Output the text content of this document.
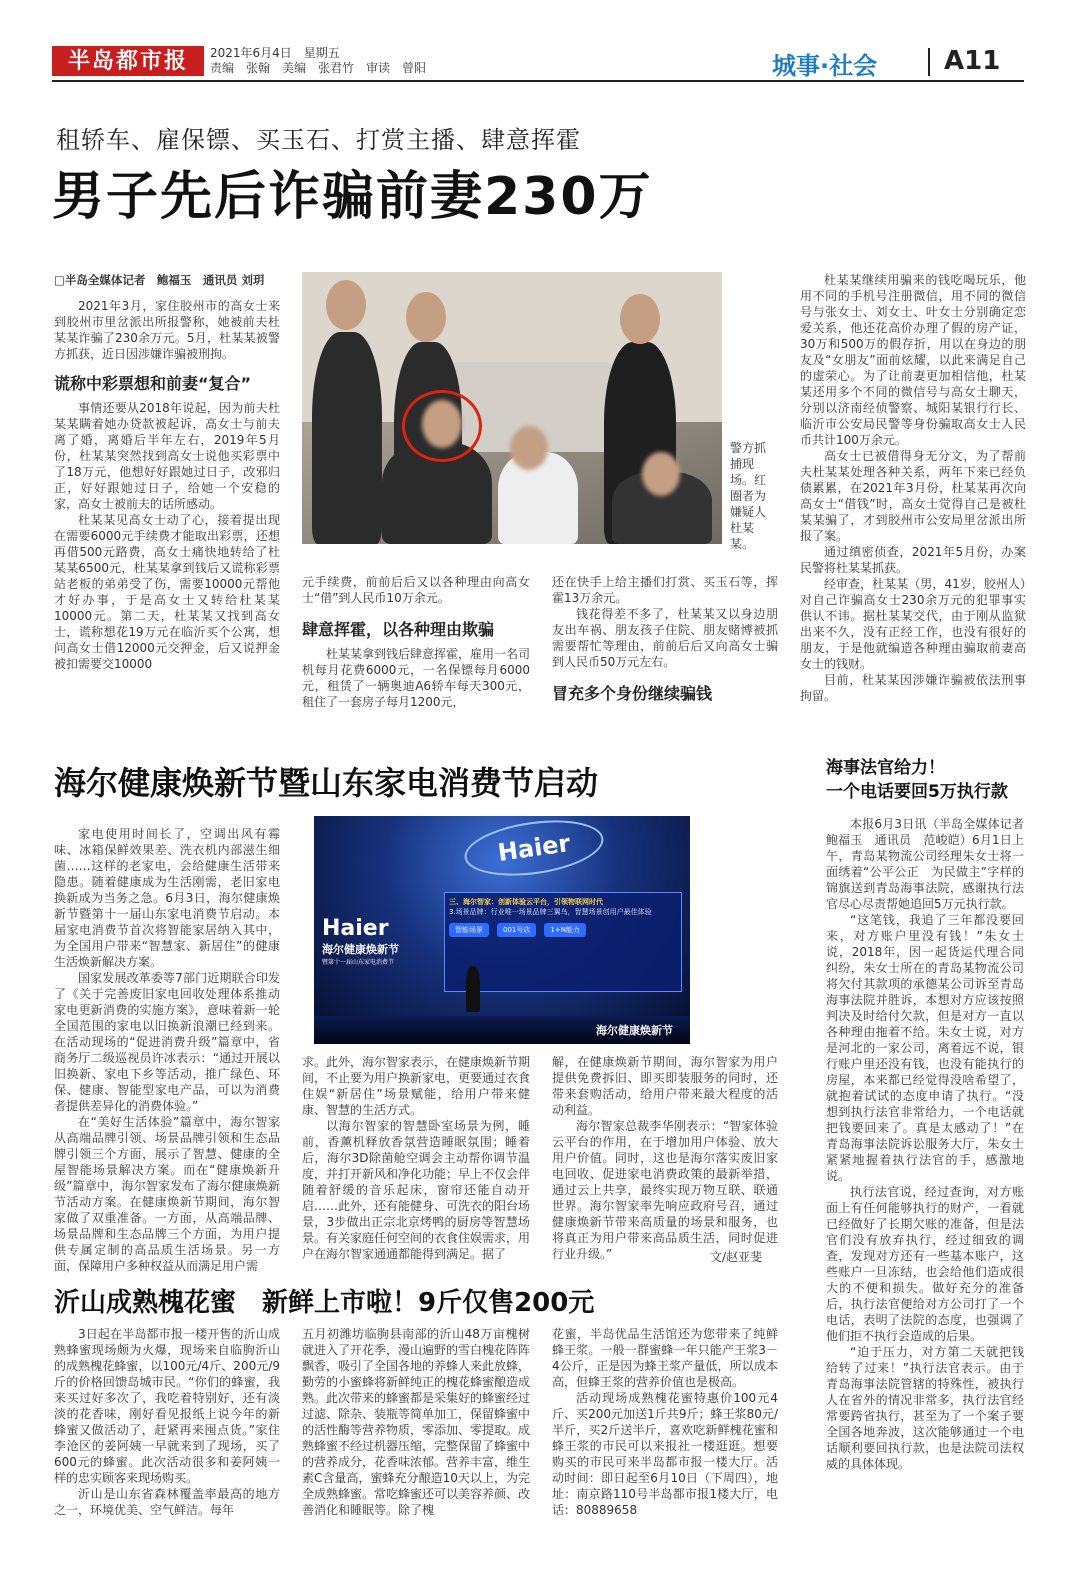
半岛都市报	2021年6月4日　星期五
责编　张翰　美编　张君竹　审读　曾阳	城事·社会	A11
租轿车、雇保镖、买玉石、打赏主播、肆意挥霍
男子先后诈骗前妻230万
□半岛全媒体记者　鲍福玉　通讯员 刘玥

2021年3月，家住胶州市的高女士来到胶州市里岔派出所报警称，她被前夫杜某某诈骗了230余万元。5月，杜某某被警方抓获，近日因涉嫌诈骗被刑拘。

谎称中彩票想和前妻“复合”

事情还要从2018年说起，因为前夫杜某某瞒着她办贷款被起诉，高女士与前夫离了婚，离婚后半年左右，2019年5月份，杜某某突然找到高女士说他买彩票中了18万元，他想好好跟她过日子，改邪归正，好好跟她过日子，给她一个安稳的家，高女士被前夫的话所感动。

杜某某见高女士动了心，接着提出现在需要6000元手续费才能取出彩票，还想再借500元路费，高女士痛快地转给了杜某某6500元，杜某某拿到钱后又谎称彩票站老板的弟弟受了伤，需要10000元帮他才好办事，于是高女士又转给杜某某10000元。第二天，杜某某又找到高女士，谎称想花19万元在临沂买个公寓，想问高女士借12000元交押金，后又说押金被扣需要交10000

警方抓捕现场。红圈者为嫌疑人杜某某。

元手续费，前前后后又以各种理由向高女士“借”到人民币10万余元。

肆意挥霍，以各种理由欺骗

杜某某拿到钱后肆意挥霍，雇用一名司机每月花费6000元，一名保镖每月6000元，租赁了一辆奥迪A6轿车每天300元，租住了一套房子每月1200元，

还在快手上给主播们打赏、买玉石等，挥霍13万余元。

钱花得差不多了，杜某某又以身边朋友出车祸、朋友孩子住院、朋友赌博被抓需要帮忙等理由，前前后后又向高女士骗到人民币50万元左右。

冒充多个身份继续骗钱

杜某某继续用骗来的钱吃喝玩乐，他用不同的手机号注册微信，用不同的微信号与张女士、刘女士、叶女士分别确定恋爱关系，他还花高价办理了假的房产证，30万和500万的假存折，用以在身边的朋友及“女朋友”面前炫耀，以此来满足自己的虚荣心。为了让前妻更加相信他，杜某某还用多个不同的微信号与高女士聊天，分别以济南经侦警察、城阳某银行行长、临沂市公安局民警等身份骗取高女士人民币共计100万余元。

高女士已被借得身无分文，为了帮前夫杜某某处理各种关系，两年下来已经负债累累，在2021年3月份，杜某某再次向高女士“借钱”时，高女士觉得自己是被杜某某骗了，才到胶州市公安局里岔派出所报了案。

通过缜密侦查，2021年5月份，办案民警将杜某某抓获。

经审查，杜某某（男，41岁，胶州人）对自己诈骗高女士230余万元的犯罪事实供认不讳。据杜某某交代，由于刚从监狱出来不久，没有正经工作，也没有很好的朋友，于是他就编造各种理由骗取前妻高女士的钱财。

目前，杜某某因涉嫌诈骗被依法刑事拘留。

海尔健康焕新节暨山东家电消费节启动

家电使用时间长了，空调出风有霉味、冰箱保鲜效果差、洗衣机内部滋生细菌……这样的老家电，会给健康生活带来隐患。随着健康成为生活刚需，老旧家电换新成为当务之急。6月3日，海尔健康焕新节暨第十一届山东家电消费节启动。本届家电消费节首次将智能家居纳入其中，为全国用户带来“智慧家、新居住”的健康生活焕新解决方案。

国家发展改革委等7部门近期联合印发了《关于完善废旧家电回收处理体系推动家电更新消费的实施方案》，意味着新一轮全国范围的家电以旧换新浪潮已经到来。在活动现场的“促进消费升级”篇章中，省商务厅二级巡视员许冰表示：“通过开展以旧换新、家电下乡等活动，推广绿色、环保、健康、智能型家电产品，可以为消费者提供差异化的消费体验。”

在“美好生活体验”篇章中，海尔智家从高端品牌引领、场景品牌引领和生态品牌引领三个方面，展示了智慧、健康的全屋智能场景解决方案。而在“健康焕新升级”篇章中，海尔智家发布了海尔健康焕新节活动方案。在健康焕新节期间，海尔智家做了双重准备。一方面，从高端品牌、场景品牌和生态品牌三个方面，为用户提供专属定制的高品质生活场景。另一方面，保障用户多种权益从而满足用户需

Haier
三、海尔智家：创新体验云平台，引领物联网时代
3.场景品牌：行业唯一场景品牌三翼鸟，智慧场景创用户最佳体验
智能场景	001号店	1+N能力
Haier
海尔健康焕新节
暨第十一届山东家电消费节
海尔健康焕新节

求。此外，海尔智家表示，在健康焕新节期间，不止要为用户换新家电，更要通过衣食住娱“新居住”场景赋能，给用户带来健康、智慧的生活方式。

以海尔智家的智慧卧室场景为例，睡前，香薰机释放香氛营造睡眠氛围；睡着后，海尔3D除菌舱空调会主动帮你调节温度，并打开新风和净化功能；早上不仅会伴随着舒缓的音乐起床，窗帘还能自动开启……此外，还有能健身、可洗衣的阳台场景，3步做出正宗北京烤鸭的厨房等智慧场景。有关家庭任何空间的衣食住娱需求，用户在海尔智家通通都能得到满足。据了

解，在健康焕新节期间，海尔智家为用户提供免费拆旧、即买即装服务的同时，还带来套购活动，给用户带来最大程度的活动利益。

海尔智家总裁李华刚表示：“智家体验云平台的作用，在于增加用户体验、放大用户价值。同时，这也是海尔落实废旧家电回收、促进家电消费政策的最新举措，通过云上共享，最终实现万物互联、联通世界。海尔智家率先响应政府号召，通过健康焕新节带来高质量的场景和服务，也将真正为用户带来高品质生活，同时促进行业升级。”	文/赵亚斐
沂山成熟槐花蜜　新鲜上市啦！9斤仅售200元

3日起在半岛都市报一楼开售的沂山成熟蜂蜜现场颇为火爆，现场来自临朐沂山的成熟槐花蜂蜜，以100元/4斤、200元/9斤的价格回馈岛城市民。“你们的蜂蜜，我来买过好多次了，我吃着特别好，还有淡淡的花香味，刚好看见报纸上说今年的新蜂蜜又做活动了，赶紧再来囤点货。”家住李沧区的姜阿姨一早就来到了现场，买了600元的蜂蜜。此次活动很多和姜阿姨一样的忠实顾客来现场购买。

沂山是山东省森林覆盖率最高的地方之一，环境优美、空气鲜洁。每年

五月初潍坊临朐县南部的沂山48万亩槐树就进入了开花季，漫山遍野的雪白槐花阵阵飘香，吸引了全国各地的养蜂人来此放蜂，勤劳的小蜜蜂将新鲜纯正的槐花蜂蜜酿造成熟。此次带来的蜂蜜都是采集好的蜂蜜经过过滤、除杂、装瓶等简单加工，保留蜂蜜中的活性酶等营养物质，零添加、零提取。成熟蜂蜜不经过机器压缩，完整保留了蜂蜜中的营养成分，花香味浓郁。营养丰富，维生素C含量高，蜜蜂充分酿造10天以上，为完全成熟蜂蜜。常吃蜂蜜还可以美容养颜、改善消化和睡眠等。除了槐

花蜜，半岛优品生活馆还为您带来了纯鲜蜂王浆。一般一群蜜蜂一年只能产王浆3－4公斤，正是因为蜂王浆产量低，所以成本高，但蜂王浆的营养价值也是极高。

活动现场成熟槐花蜜特惠价100元4斤、买200元加送1斤共9斤；蜂王浆80元/半斤，买2斤送半斤，喜欢吃新鲜槐花蜜和蜂王浆的市民可以来报社一楼逛逛。想要购买的市民可来半岛都市报一楼大厅。活动时间：即日起至6月10日（下周四），地址：南京路110号半岛都市报1楼大厅，电话：80889658

海事法官给力！
一个电话要回5万执行款

本报6月3日讯（半岛全媒体记者　鲍福玉　通讯员　范峻皑）6月1日上午，青岛某物流公司经理朱女士将一面绣着“公平公正　为民做主”字样的锦旗送到青岛海事法院，感谢执行法官尽心尽责帮她追回5万元执行款。

“这笔钱，我追了三年都没要回来，对方账户里没有钱！”朱女士说，2018年，因一起货运代理合同纠纷，朱女士所在的青岛某物流公司将欠付其款项的承德某公司诉至青岛海事法院并胜诉，本想对方应该按照判决及时给付欠款，但是对方一直以各种理由拖着不给。朱女士说，对方是河北的一家公司，离着远不说，银行账户里还没有钱，也没有能执行的房屋，本来都已经觉得没啥希望了，就抱着试试的态度申请了执行。“没想到执行法官非常给力，一个电话就把钱要回来了。真是太感动了！”在青岛海事法院诉讼服务大厅，朱女士紧紧地握着执行法官的手，感激地说。

执行法官说，经过查询，对方账面上有任何能够执行的财产，一看就已经做好了长期欠账的准备，但是法官们没有放弃执行，经过细致的调查，发现对方还有一些基本账户，这些账户一旦冻结，也会给他们造成很大的不便和损失。做好充分的准备后，执行法官便给对方公司打了一个电话，表明了法院的态度，也强调了他们拒不执行会造成的后果。

“迫于压力，对方第二天就把钱给转了过来！”执行法官表示。由于青岛海事法院管辖的特殊性，被执行人在省外的情况非常多，执行法官经常要跨省执行，甚至为了一个案子要全国各地奔波，这次能够通过一个电话顺利要回执行款，也是法院司法权威的具体体现。
